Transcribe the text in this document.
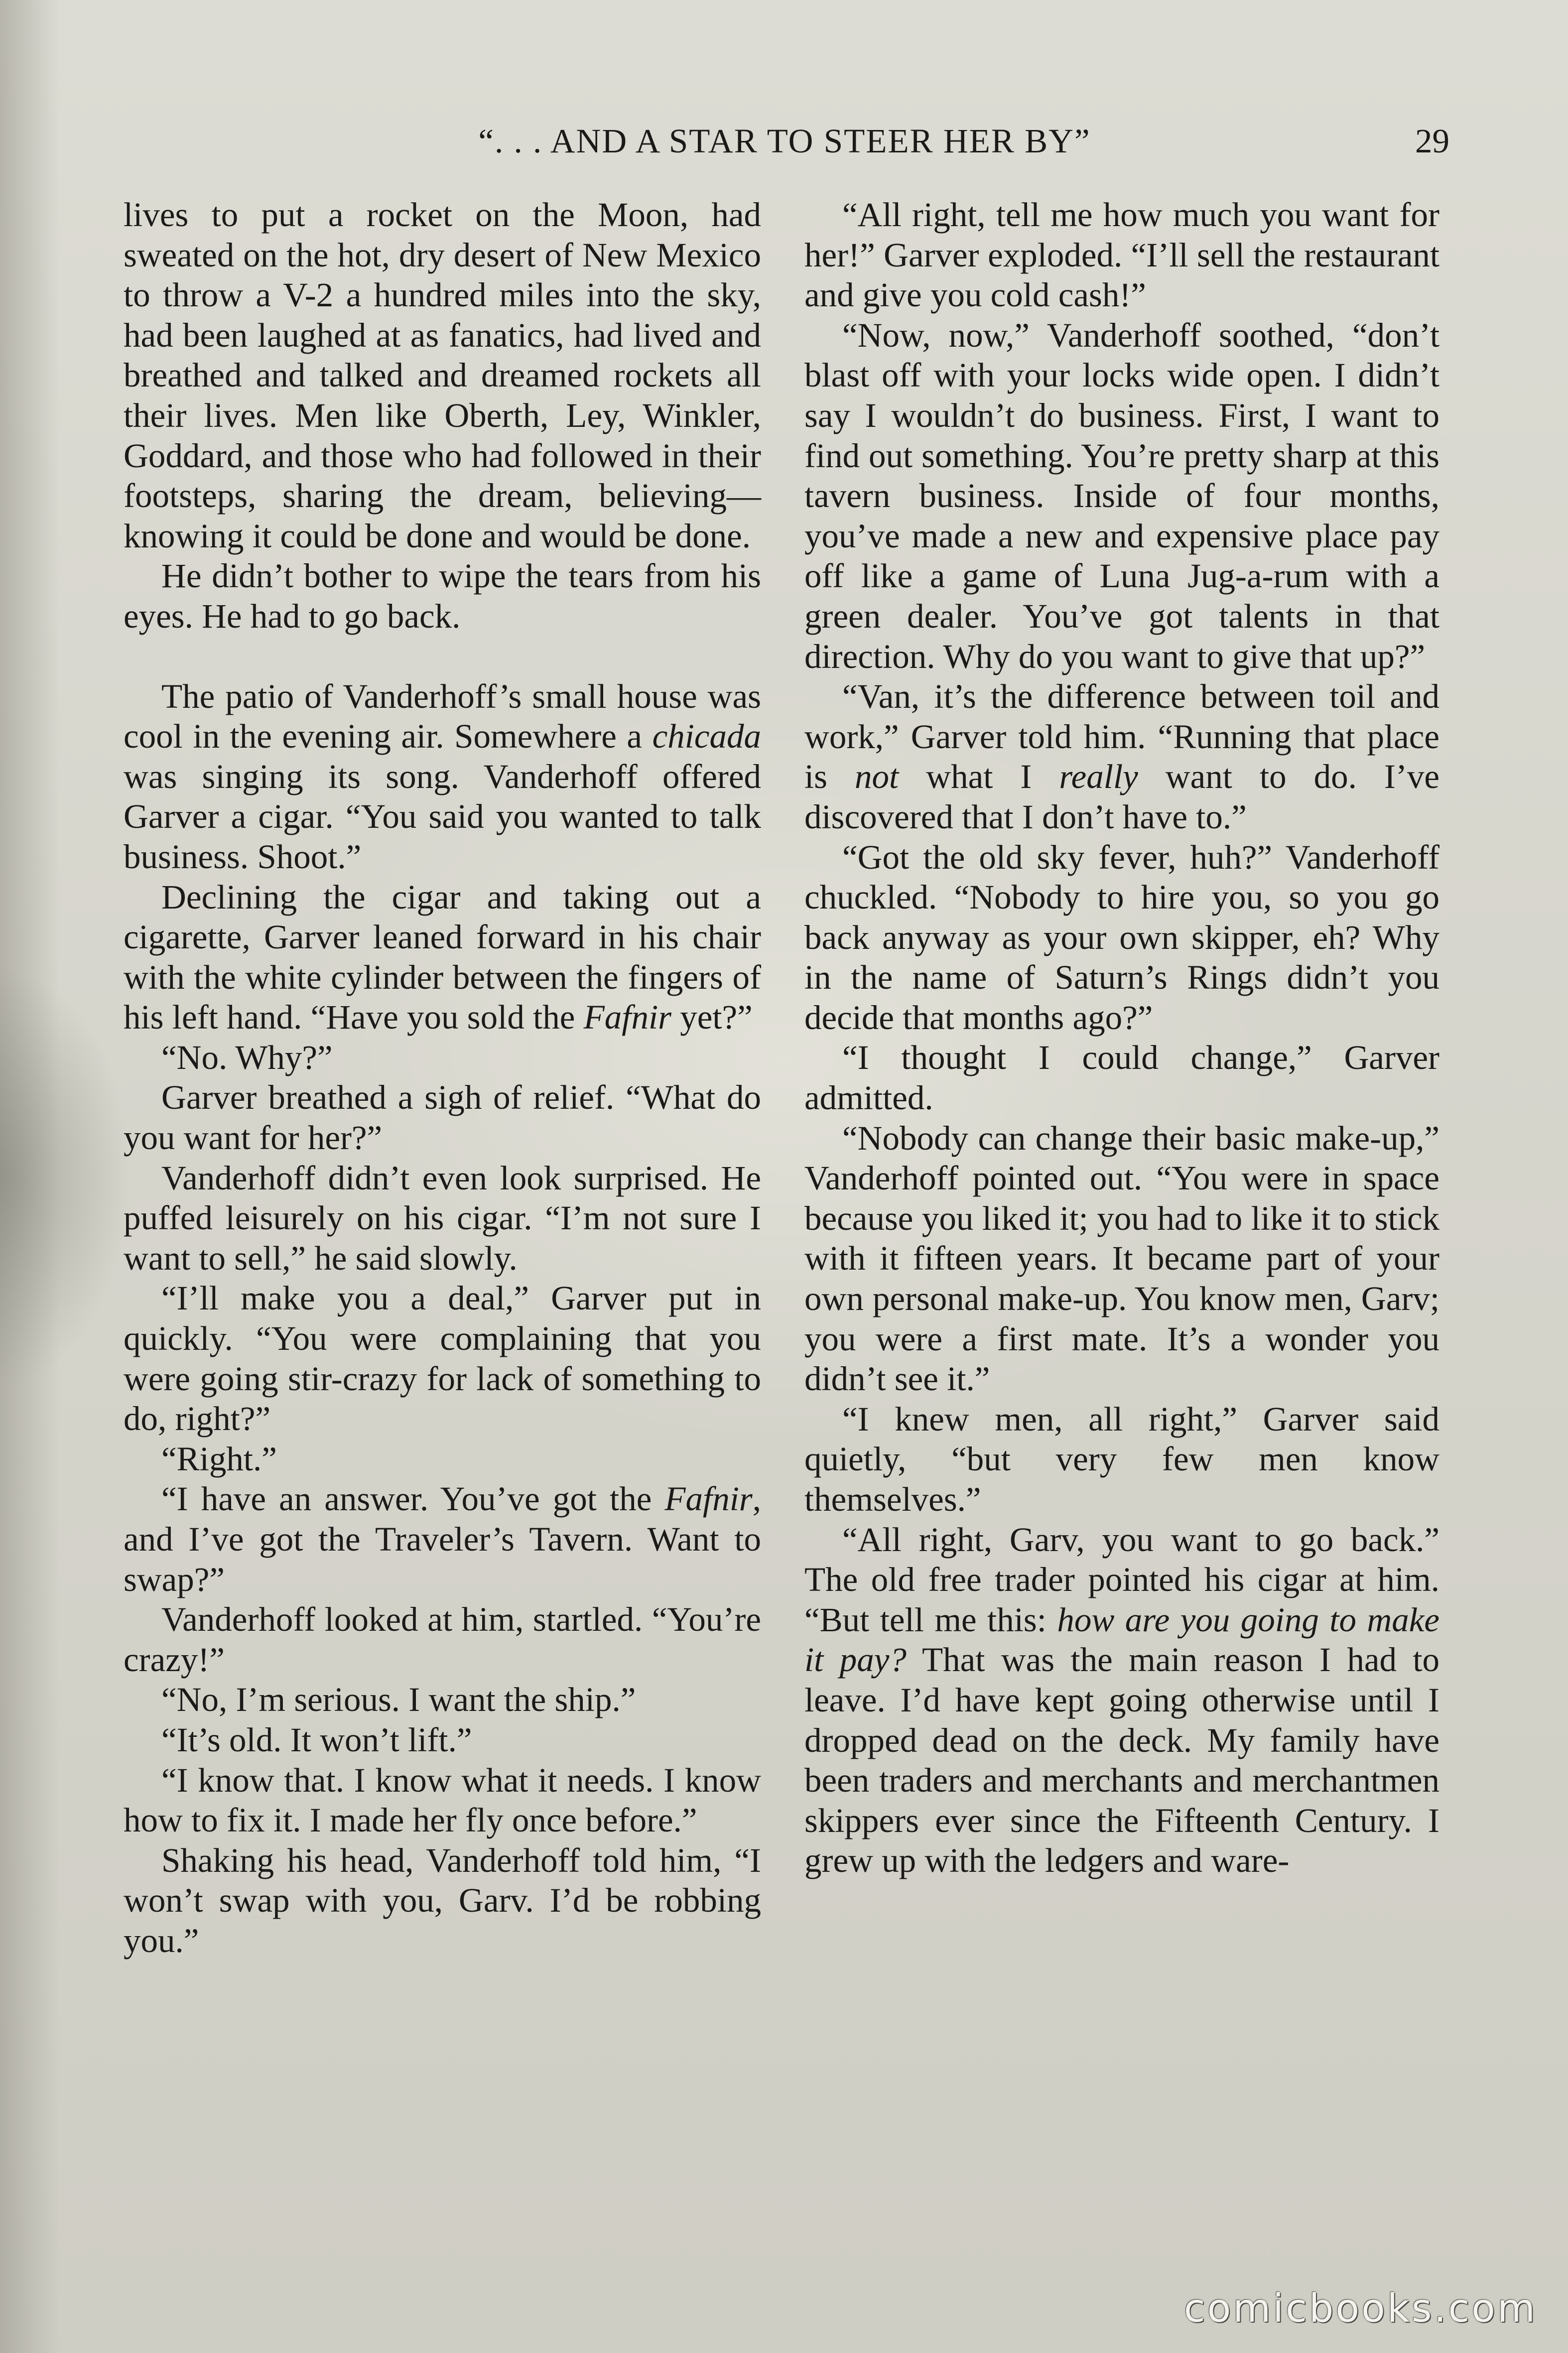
“. . . AND A STAR TO STEER HER BY”	29

lives to put a rocket on the Moon, had sweated on the hot, dry desert of New Mexico to throw a V-2 a hundred miles into the sky, had been laughed at as fanatics, had lived and breathed and talked and dreamed rockets all their lives. Men like Oberth, Ley, Winkler, Goddard, and those who had followed in their footsteps, sharing the dream, believing—knowing it could be done and would be done.

He didn’t bother to wipe the tears from his eyes. He had to go back.

The patio of Vanderhoff’s small house was cool in the evening air. Somewhere a chicada was singing its song. Vanderhoff offered Garver a cigar. “You said you wanted to talk business. Shoot.”

Declining the cigar and taking out a cigarette, Garver leaned forward in his chair with the white cylinder between the fingers of his left hand. “Have you sold the Fafnir yet?”

“No. Why?”

Garver breathed a sigh of relief. “What do you want for her?”

Vanderhoff didn’t even look surprised. He puffed leisurely on his cigar. “I’m not sure I want to sell,” he said slowly.

“I’ll make you a deal,” Garver put in quickly. “You were complaining that you were going stir-crazy for lack of something to do, right?”

“Right.”

“I have an answer. You’ve got the Fafnir, and I’ve got the Traveler’s Tavern. Want to swap?”

Vanderhoff looked at him, startled. “You’re crazy!”

“No, I’m serious. I want the ship.”

“It’s old. It won’t lift.”

“I know that. I know what it needs. I know how to fix it. I made her fly once before.”

Shaking his head, Vanderhoff told him, “I won’t swap with you, Garv. I’d be robbing you.”

“All right, tell me how much you want for her!” Garver exploded. “I’ll sell the restaurant and give you cold cash!”

“Now, now,” Vanderhoff soothed, “don’t blast off with your locks wide open. I didn’t say I wouldn’t do business. First, I want to find out something. You’re pretty sharp at this tavern business. Inside of four months, you’ve made a new and expensive place pay off like a game of Luna Jug-a-rum with a green dealer. You’ve got talents in that direction. Why do you want to give that up?”

“Van, it’s the difference between toil and work,” Garver told him. “Running that place is not what I really want to do. I’ve discovered that I don’t have to.”

“Got the old sky fever, huh?” Vanderhoff chuckled. “Nobody to hire you, so you go back anyway as your own skipper, eh? Why in the name of Saturn’s Rings didn’t you decide that months ago?”

“I thought I could change,” Garver admitted.

“Nobody can change their basic make-up,” Vanderhoff pointed out. “You were in space because you liked it; you had to like it to stick with it fifteen years. It became part of your own personal make-up. You know men, Garv; you were a first mate. It’s a wonder you didn’t see it.”

“I knew men, all right,” Garver said quietly, “but very few men know themselves.”

“All right, Garv, you want to go back.” The old free trader pointed his cigar at him. “But tell me this: how are you going to make it pay? That was the main reason I had to leave. I’d have kept going otherwise until I dropped dead on the deck. My family have been traders and merchants and merchantmen skippers ever since the Fifteenth Century. I grew up with the ledgers and ware-

comicbooks.com
